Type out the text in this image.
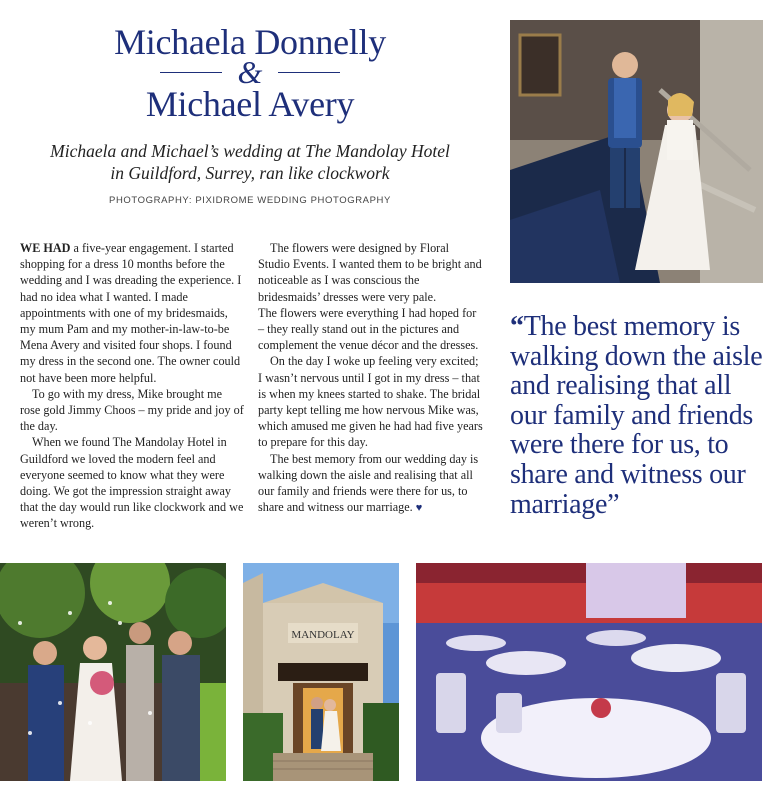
Michaela Donnelly
&
Michael Avery
Michaela and Michael’s wedding at The Mandolay Hotel
in Guildford, Surrey, ran like clockwork
PHOTOGRAPHY: PIXIDROME WEDDING PHOTOGRAPHY

WE HAD a five-year engagement. I started shopping for a dress 10 months before the wedding and I was dreading the experience. I had no idea what I wanted. I made appointments with one of my bridesmaids, my mum Pam and my mother-in-law-to-be Mena Avery and visited four shops. I found my dress in the second one. The owner could not have been more helpful.

To go with my dress, Mike brought me rose gold Jimmy Choos – my pride and joy of the day.

When we found The Mandolay Hotel in Guildford we loved the modern feel and everyone seemed to know what they were doing. We got the impression straight away that the day would run like clockwork and we weren’t wrong.

The flowers were designed by Floral Studio Events. I wanted them to be bright and noticeable as I was conscious the bridesmaids’ dresses were very pale.

The flowers were everything I had hoped for – they really stand out in the pictures and complement the venue décor and the dresses.

On the day I woke up feeling very excited; I wasn’t nervous until I got in my dress – that is when my knees started to shake. The bridal party kept telling me how nervous Mike was, which amused me given he had had five years to prepare for this day.

The best memory from our wedding day is walking down the aisle and realising that all our family and friends were there for us, to share and witness our marriage. ♥

“The best memory is walking down the aisle and realising that all our family and friends were there for us, to share and witness our marriage”
MANDOLAY
